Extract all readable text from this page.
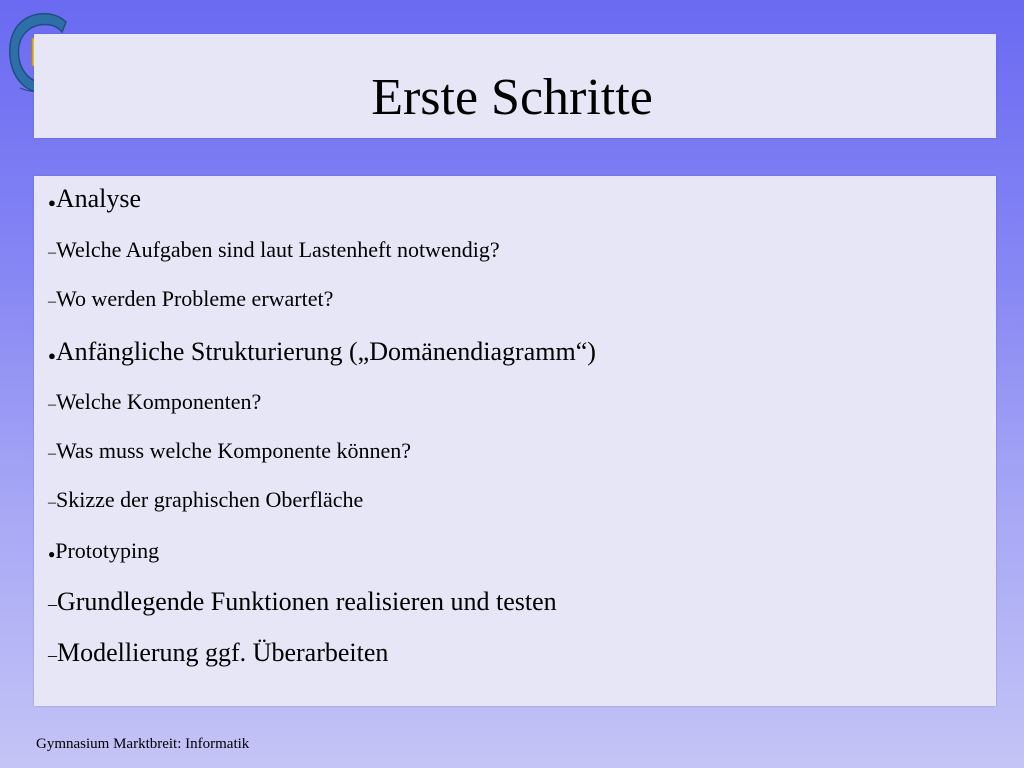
Erste Schritte
●Analyse
–Welche Aufgaben sind laut Lastenheft notwendig?
–Wo werden Probleme erwartet?
●Anfängliche Strukturierung („Domänendiagramm“)
–Welche Komponenten?
–Was muss welche Komponente können?
–Skizze der graphischen Oberfläche
●Prototyping
–Grundlegende Funktionen realisieren und testen
–Modellierung ggf. Überarbeiten
Gymnasium Marktbreit: Informatik
